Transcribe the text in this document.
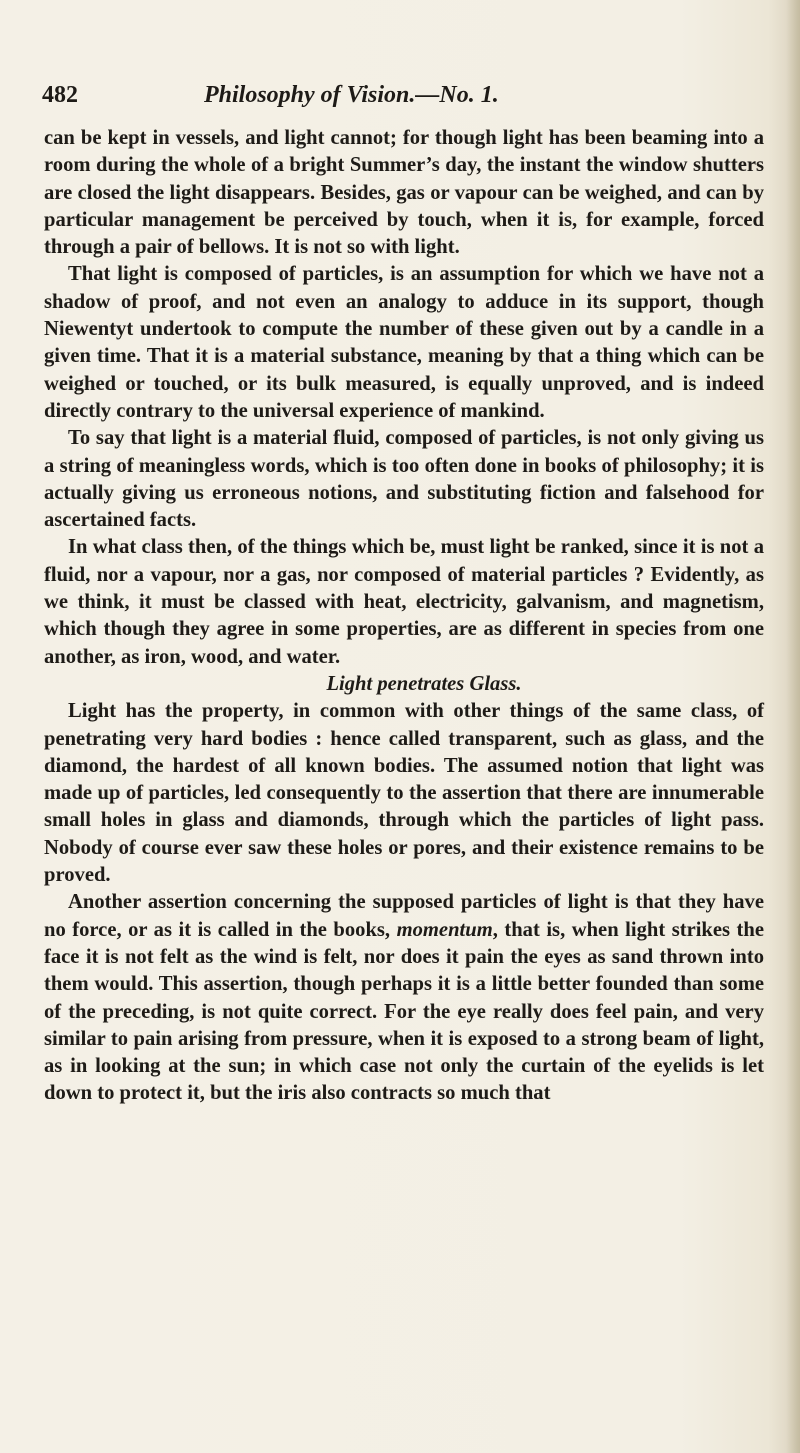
482	Philosophy of Vision.—No. 1.

can be kept in vessels, and light cannot; for though light has been beaming into a room during the whole of a bright Summer’s day, the instant the window shutters are closed the light disappears. Besides, gas or vapour can be weighed, and can by particular management be perceived by touch, when it is, for example, forced through a pair of bellows. It is not so with light.

That light is composed of particles, is an assumption for which we have not a shadow of proof, and not even an analogy to adduce in its support, though Niewentyt undertook to compute the number of these given out by a candle in a given time. That it is a material substance, meaning by that a thing which can be weighed or touched, or its bulk measured, is equally unproved, and is indeed directly contrary to the universal experience of mankind.

To say that light is a material fluid, composed of particles, is not only giving us a string of meaningless words, which is too often done in books of philosophy; it is actually giving us erroneous notions, and substituting fiction and falsehood for ascertained facts.

In what class then, of the things which be, must light be ranked, since it is not a fluid, nor a vapour, nor a gas, nor composed of material particles ? Evidently, as we think, it must be classed with heat, electricity, galvanism, and magnetism, which though they agree in some properties, are as different in species from one another, as iron, wood, and water.

Light penetrates Glass.

Light has the property, in common with other things of the same class, of penetrating very hard bodies : hence called transparent, such as glass, and the diamond, the hardest of all known bodies. The assumed notion that light was made up of particles, led consequently to the assertion that there are innumerable small holes in glass and diamonds, through which the particles of light pass. Nobody of course ever saw these holes or pores, and their existence remains to be proved.

Another assertion concerning the supposed particles of light is that they have no force, or as it is called in the books, momentum, that is, when light strikes the face it is not felt as the wind is felt, nor does it pain the eyes as sand thrown into them would. This assertion, though perhaps it is a little better founded than some of the preceding, is not quite correct. For the eye really does feel pain, and very similar to pain arising from pressure, when it is exposed to a strong beam of light, as in looking at the sun; in which case not only the curtain of the eyelids is let down to protect it, but the iris also contracts so much that
